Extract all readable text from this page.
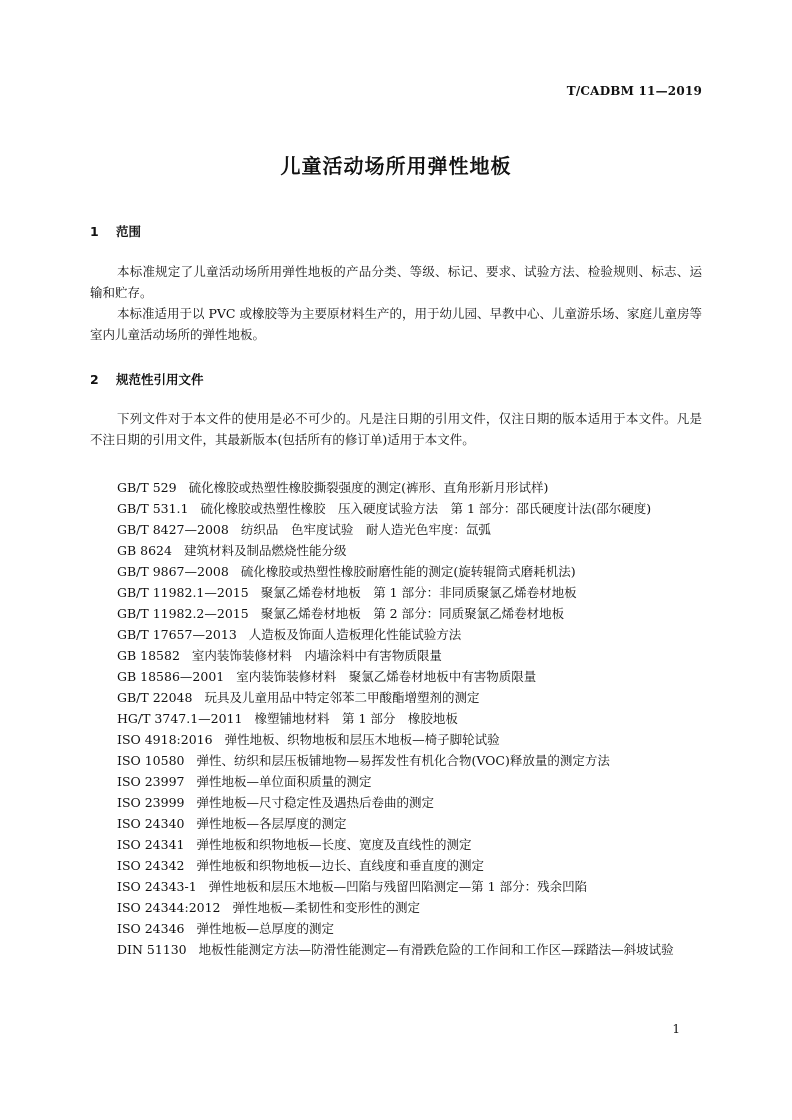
T/CADBM 11—2019
儿童活动场所用弹性地板
1 范围

本标准规定了儿童活动场所用弹性地板的产品分类、等级、标记、要求、试验方法、检验规则、标志、运输和贮存。

本标准适用于以 PVC 或橡胶等为主要原材料生产的，用于幼儿园、早教中心、儿童游乐场、家庭儿童房等室内儿童活动场所的弹性地板。

2 规范性引用文件

下列文件对于本文件的使用是必不可少的。凡是注日期的引用文件，仅注日期的版本适用于本文件。凡是不注日期的引用文件，其最新版本(包括所有的修订单)适用于本文件。

GB/T 529 硫化橡胶或热塑性橡胶撕裂强度的测定(裤形、直角形新月形试样)
GB/T 531.1 硫化橡胶或热塑性橡胶　压入硬度试验方法　第 1 部分：邵氏硬度计法(邵尔硬度)
GB/T 8427—2008 纺织品　色牢度试验　耐人造光色牢度：氙弧
GB 8624 建筑材料及制品燃烧性能分级
GB/T 9867—2008 硫化橡胶或热塑性橡胶耐磨性能的测定(旋转辊筒式磨耗机法)
GB/T 11982.1—2015 聚氯乙烯卷材地板　第 1 部分：非同质聚氯乙烯卷材地板
GB/T 11982.2—2015 聚氯乙烯卷材地板　第 2 部分：同质聚氯乙烯卷材地板
GB/T 17657—2013 人造板及饰面人造板理化性能试验方法
GB 18582 室内装饰装修材料　内墙涂料中有害物质限量
GB 18586—2001 室内装饰装修材料　聚氯乙烯卷材地板中有害物质限量
GB/T 22048 玩具及儿童用品中特定邻苯二甲酸酯增塑剂的测定
HG/T 3747.1—2011 橡塑铺地材料　第 1 部分　橡胶地板
ISO 4918:2016 弹性地板、织物地板和层压木地板—椅子脚轮试验
ISO 10580 弹性、纺织和层压板铺地物—易挥发性有机化合物(VOC)释放量的测定方法
ISO 23997 弹性地板—单位面积质量的测定
ISO 23999 弹性地板—尺寸稳定性及遇热后卷曲的测定
ISO 24340 弹性地板—各层厚度的测定
ISO 24341 弹性地板和织物地板—长度、宽度及直线性的测定
ISO 24342 弹性地板和织物地板—边长、直线度和垂直度的测定
ISO 24343-1 弹性地板和层压木地板—凹陷与残留凹陷测定—第 1 部分：残余凹陷
ISO 24344:2012 弹性地板—柔韧性和变形性的测定
ISO 24346 弹性地板—总厚度的测定
DIN 51130 地板性能测定方法—防滑性能测定—有滑跌危险的工作间和工作区—踩踏法—斜坡试验
1
